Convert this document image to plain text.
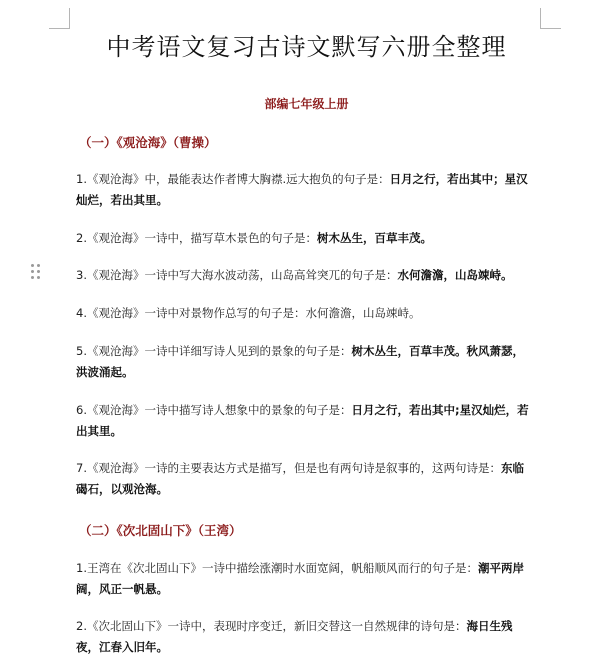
中考语文复习古诗文默写六册全整理
部编七年级上册
（一）《观沧海》（曹操）
1.《观沧海》中，最能表达作者博大胸襟.远大抱负的句子是：日月之行，若出其中；星汉灿烂，若出其里。
2.《观沧海》一诗中，描写草木景色的句子是：树木丛生，百草丰茂。
3.《观沧海》一诗中写大海水波动荡，山岛高耸突兀的句子是：水何澹澹，山岛竦峙。
4.《观沧海》一诗中对景物作总写的句子是：水何澹澹，山岛竦峙。
5.《观沧海》一诗中详细写诗人见到的景象的句子是：树木丛生，百草丰茂。秋风萧瑟，洪波涌起。
6.《观沧海》一诗中描写诗人想象中的景象的句子是：日月之行，若出其中;星汉灿烂，若出其里。
7.《观沧海》一诗的主要表达方式是描写，但是也有两句诗是叙事的，这两句诗是：东临碣石，以观沧海。
（二）《次北固山下》（王湾）
1.王湾在《次北固山下》一诗中描绘涨潮时水面宽阔，帆船顺风而行的句子是：潮平两岸阔，风正一帆悬。
2.《次北固山下》一诗中，表现时序变迁，新旧交替这一自然规律的诗句是：海日生残夜，江春入旧年。
